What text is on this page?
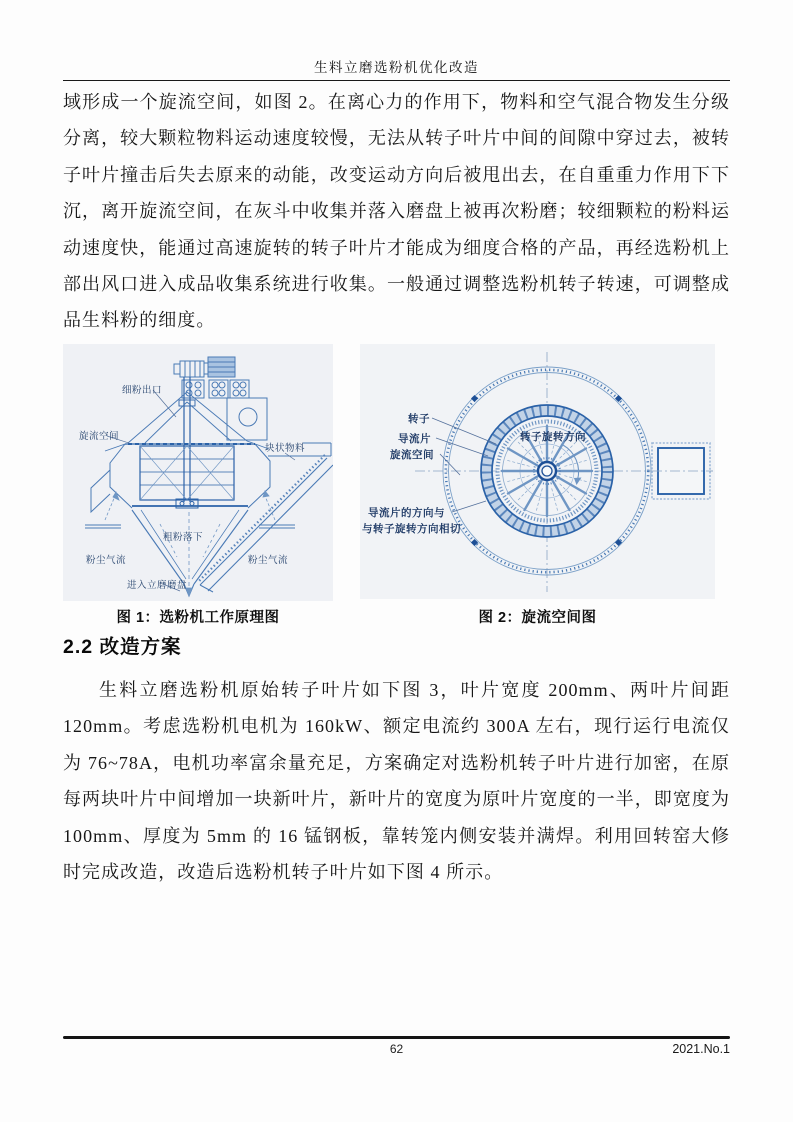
生料立磨选粉机优化改造
域形成一个旋流空间，如图 2。在离心力的作用下，物料和空气混合物发生分级分离，较大颗粒物料运动速度较慢，无法从转子叶片中间的间隙中穿过去，被转子叶片撞击后失去原来的动能，改变运动方向后被甩出去，在自重重力作用下下沉，离开旋流空间，在灰斗中收集并落入磨盘上被再次粉磨；较细颗粒的粉料运动速度快，能通过高速旋转的转子叶片才能成为细度合格的产品，再经选粉机上部出风口进入成品收集系统进行收集。一般通过调整选粉机转子转速，可调整成品生料粉的细度。
细粉出口
旋流空间
块状物料
粗粉落下
粉尘气流	粉尘气流
进入立磨磨盘
转子
导流片
旋流空间
转子旋转方向
导流片的方向与
与转子旋转方向相切
图 1：选粉机工作原理图	图 2：旋流空间图
2.2 改造方案
生料立磨选粉机原始转子叶片如下图 3，叶片宽度 200mm、两叶片间距 120mm。考虑选粉机电机为 160kW、额定电流约 300A 左右，现行运行电流仅为 76~78A，电机功率富余量充足，方案确定对选粉机转子叶片进行加密，在原每两块叶片中间增加一块新叶片，新叶片的宽度为原叶片宽度的一半，即宽度为 100mm、厚度为 5mm 的 16 锰钢板，靠转笼内侧安装并满焊。利用回转窑大修时完成改造，改造后选粉机转子叶片如下图 4 所示。
62	2021.No.1
